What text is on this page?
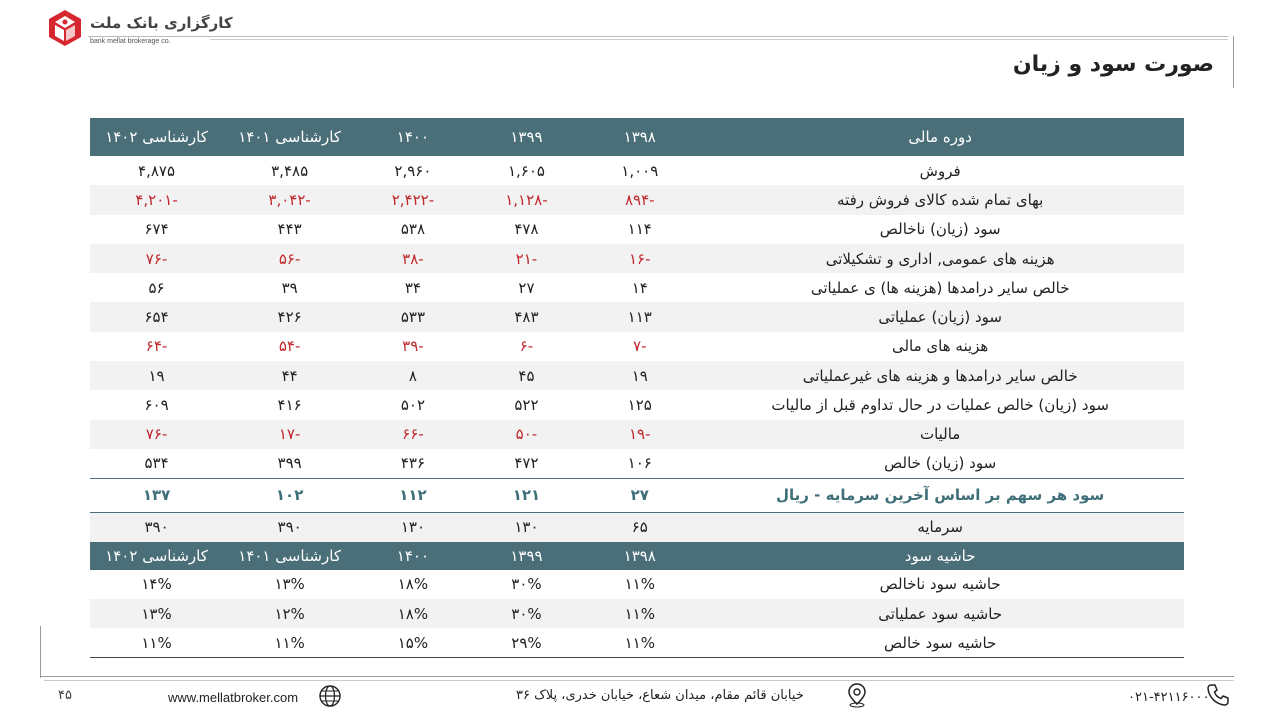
کارگزاری بانک ملت
bank mellat brokerage co.
صورت سود و زیان
دوره مالی	۱۳۹۸	۱۳۹۹	۱۴۰۰	کارشناسی ۱۴۰۱	کارشناسی ۱۴۰۲
فروش	۱,۰۰۹	۱,۶۰۵	۲,۹۶۰	۳,۴۸۵	۴,۸۷۵
بهای تمام شده کالای فروش رفته	-۸۹۴	-۱,۱۲۸	-۲,۴۲۲	-۳,۰۴۲	-۴,۲۰۱
سود (زیان) ناخالص	۱۱۴	۴۷۸	۵۳۸	۴۴۳	۶۷۴
هزینه های عمومی, اداری و تشکیلاتی	-۱۶	-۲۱	-۳۸	-۵۶	-۷۶
خالص سایر درامدها (هزینه ها) ی عملیاتی	۱۴	۲۷	۳۴	۳۹	۵۶
سود (زیان) عملیاتی	۱۱۳	۴۸۳	۵۳۳	۴۲۶	۶۵۴
هزینه های مالی	-۷	-۶	-۳۹	-۵۴	-۶۴
خالص سایر درامدها و هزینه های غیرعملیاتی	۱۹	۴۵	۸	۴۴	۱۹
سود (زیان) خالص عملیات در حال تداوم قبل از مالیات	۱۲۵	۵۲۲	۵۰۲	۴۱۶	۶۰۹
مالیات	-۱۹	-۵۰	-۶۶	-۱۷	-۷۶
سود (زیان) خالص	۱۰۶	۴۷۲	۴۳۶	۳۹۹	۵۳۴
سود هر سهم بر اساس آخرین سرمایه - ریال	۲۷	۱۲۱	۱۱۲	۱۰۲	۱۳۷
سرمایه	۶۵	۱۳۰	۱۳۰	۳۹۰	۳۹۰
حاشیه سود	۱۳۹۸	۱۳۹۹	۱۴۰۰	کارشناسی ۱۴۰۱	کارشناسی ۱۴۰۲
حاشیه سود ناخالص	۱۱%	۳۰%	۱۸%	۱۳%	۱۴%
حاشیه سود عملیاتی	۱۱%	۳۰%	۱۸%	۱۲%	۱۳%
حاشیه سود خالص	۱۱%	۲۹%	۱۵%	۱۱%	۱۱%
۴۵	www.mellatbroker.com	خیابان قائم مقام، میدان شعاع، خیابان خدری، پلاک ۳۶	۰۲۱-۴۲۱۱۶۰۰۰
